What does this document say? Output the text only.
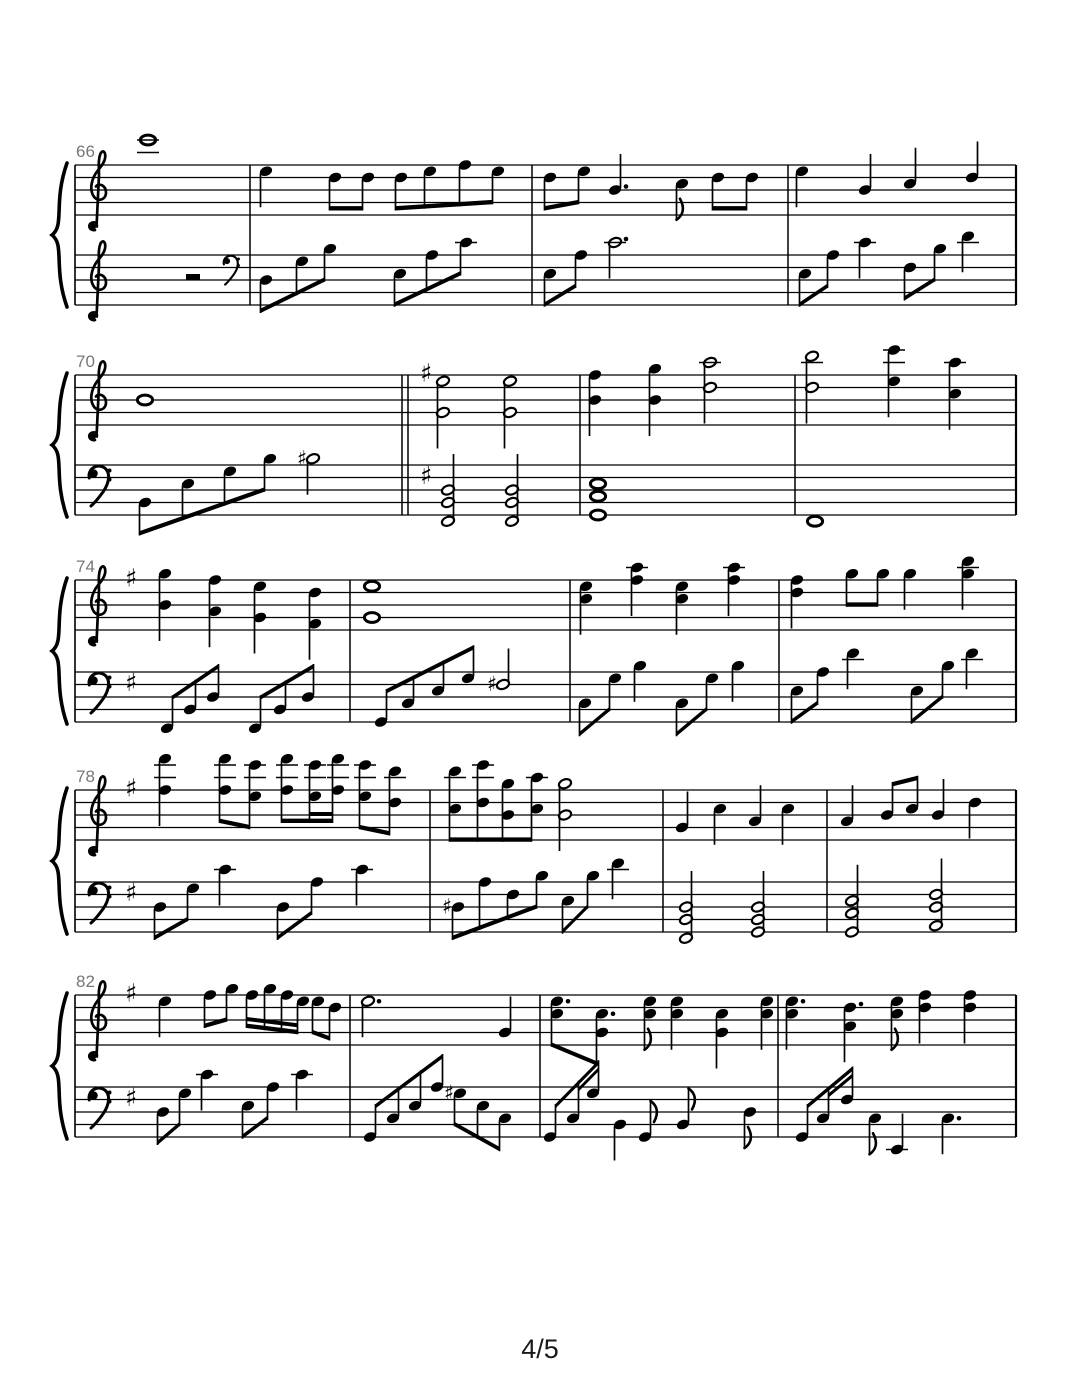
66
70	♯
♯
♯
74 ♯
♯	♯
78 ♯
♯	♯
82 ♯
♯	♯
4/5
